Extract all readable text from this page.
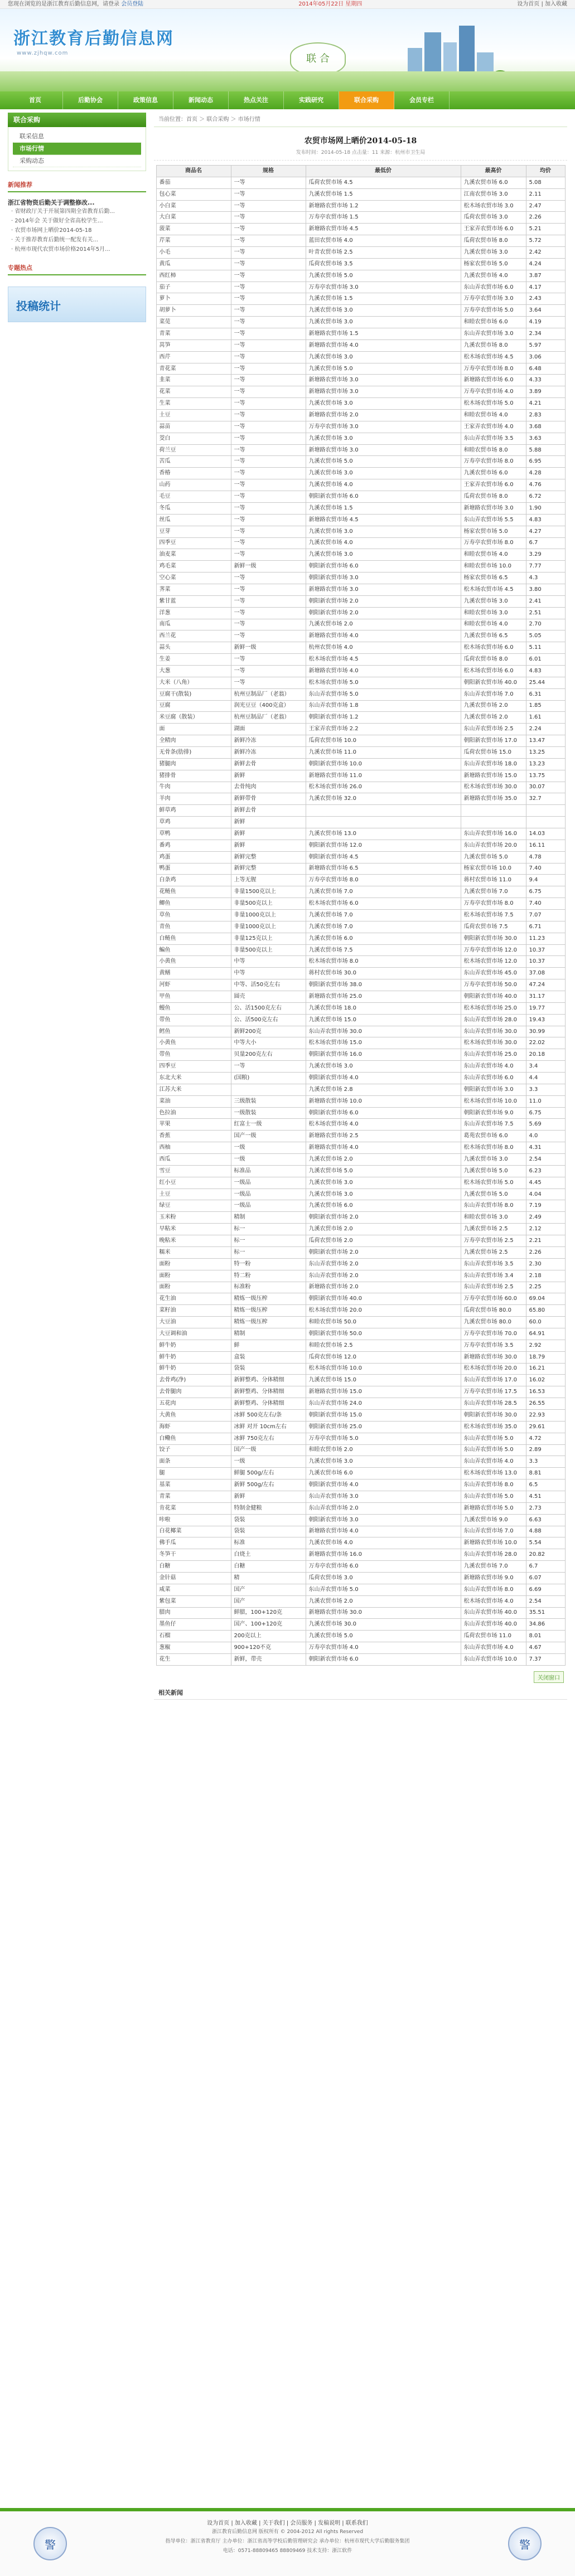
您现在浏览的是浙江教育后勤信息网，请登录 会员登陆	2014年05月22日 星期四	设为首页 | 加入收藏
浙江教育后勤信息网
www.zjhqw.com	联 合
首页	后勤协会	政策信息	新闻动态	热点关注	实践研究	联合采购	会员专栏
联合采购
联采信息
市场行情
采购动态
新闻推荐
浙江省物资后勤关于调整修改...
· 省财政厅关于开展第四期全省教育后勤...
· 2014年会 关于做好全省高校学生...
· 农贸市场网上晒价2014-05-18
· 关于推荐教育后勤统一配发有关...
· 杭州市现代农贸市场价格2014年5月...
专题热点
投稿统计
当前位置：首页 ＞ 联合采购 ＞ 市场行情
农贸市场网上晒价2014-05-18
发布时间：2014-05-18 点击量：11 来源：杭州市卫生局
商品名	规格	最低价	最高价	均价
番茄	一等	瓜荷农贸市场 4.5	九溪农贸市场 6.0	5.08
包心菜	一等	九溪农贸市场 1.5	江南农贸市场 3.0	2.11
小白菜	一等	新塘路农贸市场 1.2	松木场农贸市场 3.0	2.47
大白菜	一等	万寿亭农贸市场 1.5	瓜荷农贸市场 3.0	2.26
菠菜	一等	新塘路农贸市场 4.5	王家弄农贸市场 6.0	5.21
芹菜	一等	蓝田农贸市场 4.0	瓜荷农贸市场 8.0	5.72
小毛	一等	叶青农贸市场 2.5	九溪农贸市场 3.0	2.42
黄瓜	一等	瓜荷农贸市场 3.5	杨家农贸市场 5.0	4.24
西红柿	一等	九溪农贸市场 5.0	九溪农贸市场 4.0	3.87
茄子	一等	万寿亭农贸市场 3.0	东山弄农贸市场 6.0	4.17
萝卜	一等	九溪农贸市场 1.5	万寿亭农贸市场 3.0	2.43
胡萝卜	一等	九溪农贸市场 3.0	万寿亭农贸市场 5.0	3.64
菜苋	一等	九溪农贸市场 3.0	和睦农贸市场 6.0	4.19
青菜	一等	新塘路农贸市场 1.5	东山弄农贸市场 3.0	2.34
莴笋	一等	新塘路农贸市场 4.0	九溪农贸市场 8.0	5.97
西芹	一等	九溪农贸市场 3.0	松木场农贸市场 4.5	3.06
青花菜	一等	九溪农贸市场 5.0	万寿亭农贸市场 8.0	6.48
韭菜	一等	新塘路农贸市场 3.0	新塘路农贸市场 6.0	4.33
花菜	一等	新塘路农贸市场 3.0	万寿亭农贸市场 4.0	3.89
生菜	一等	九溪农贸市场 3.0	松木场农贸市场 5.0	4.21
土豆	一等	新塘路农贸市场 2.0	和睦农贸市场 4.0	2.83
蒜苗	一等	万寿亭农贸市场 3.0	王家弄农贸市场 4.0	3.68
茭白	一等	九溪农贸市场 3.0	东山弄农贸市场 3.5	3.63
荷兰豆	一等	新塘路农贸市场 3.0	和睦农贸市场 8.0	5.88
苦瓜	一等	九溪农贸市场 5.0	万寿亭农贸市场 8.0	6.95
香椿	一等	九溪农贸市场 3.0	九溪农贸市场 6.0	4.28
山药	一等	九溪农贸市场 4.0	王家弄农贸市场 6.0	4.76
毛豆	一等	朝阳新农贸市场 6.0	瓜荷农贸市场 8.0	6.72
冬瓜	一等	九溪农贸市场 1.5	新塘路农贸市场 3.0	1.90
丝瓜	一等	新塘路农贸市场 4.5	东山弄农贸市场 5.5	4.83
豆芽	一等	九溪农贸市场 3.0	杨家农贸市场 5.0	4.27
四季豆	一等	九溪农贸市场 4.0	万寿亭农贸市场 8.0	6.7
油麦菜	一等	九溪农贸市场 3.0	和睦农贸市场 4.0	3.29
鸡毛菜	新鲜一级	朝阳新农贸市场 6.0	和睦农贸市场 10.0	7.77
空心菜	一等	朝阳新农贸市场 3.0	杨家农贸市场 6.5	4.3
荠菜	一等	新塘路农贸市场 3.0	松木场农贸市场 4.5	3.80
紫甘蓝	一等	朝阳新农贸市场 2.0	九溪农贸市场 3.0	2.41
洋葱	一等	朝阳新农贸市场 2.0	和睦农贸市场 3.0	2.51
南瓜	一等	九溪农贸市场 2.0	和睦农贸市场 4.0	2.70
西兰花	一等	新塘路农贸市场 4.0	九溪农贸市场 6.5	5.05
蒜头	新鲜一级	杭州农贸市场 4.0	松木场农贸市场 6.0	5.11
生姜	一等	松木场农贸市场 4.5	瓜荷农贸市场 8.0	6.01
大葱	一等	新塘路农贸市场 4.0	松木场农贸市场 6.0	4.83
大米（八角）	一等	松木场农贸市场 5.0	朝阳新农贸市场 40.0	25.44
豆腐干(散装)	杭州豆制品厂（老翁）	东山弄农贸市场 5.0	东山弄农贸市场 7.0	6.31
豆腐	润光豆豆（400克盒）	东山弄农贸市场 1.8	九溪农贸市场 2.0	1.85
米豆腐（散装）	杭州豆制品厂（老翁）	朝阳新农贸市场 1.2	九溪农贸市场 2.0	1.61
面	湖面	王家弄农贸市场 2.2	东山弄农贸市场 2.5	2.24
全精肉	新鲜冷冻	瓜荷农贸市场 10.0	朝阳新农贸市场 17.0	13.47
无骨条(肋排)	新鲜冷冻	九溪农贸市场 11.0	瓜荷农贸市场 15.0	13.25
猪腿肉	新鲜去骨	朝阳新农贸市场 10.0	东山弄农贸市场 18.0	13.23
猪排骨	新鲜	新塘路农贸市场 11.0	新塘路农贸市场 15.0	13.75
牛肉	去骨纯肉	松木场农贸市场 26.0	松木场农贸市场 30.0	30.07
羊肉	新鲜带骨	九溪农贸市场 32.0	新塘路农贸市场 35.0	32.7
鲜草鸡	新鲜去骨			
草鸡	新鲜			
草鸭	新鲜	九溪农贸市场 13.0	东山弄农贸市场 16.0	14.03
番鸡	新鲜	朝阳新农贸市场 12.0	东山弄农贸市场 20.0	16.11
鸡蛋	新鲜完整	朝阳新农贸市场 4.5	九溪农贸市场 5.0	4.78
鸭蛋	新鲜完整	新塘路农贸市场 6.5	杨家农贸市场 10.0	7.40
白条鸡	上等无腥	万寿亭农贸市场 8.0	蒋村农贸市场 11.0	9.4
花鲢鱼	非量1500克以上	九溪农贸市场 7.0	九溪农贸市场 7.0	6.75
鲫鱼	非量500克以上	松木场农贸市场 6.0	万寿亭农贸市场 8.0	7.40
草鱼	非量1000克以上	九溪农贸市场 7.0	松木场农贸市场 7.5	7.07
青鱼	非量1000克以上	九溪农贸市场 7.0	瓜荷农贸市场 7.5	6.71
白鲢鱼	非量125克以上	九溪农贸市场 6.0	朝阳新农贸市场 30.0	11.23
鳊鱼	非量500克以上	九溪农贸市场 7.5	万寿亭农贸市场 12.0	10.37
小黄鱼	中等	松木场农贸市场 8.0	松木场农贸市场 12.0	10.37
黄鳝	中等	蒋村农贸市场 30.0	东山弄农贸市场 45.0	37.08
河虾	中等、活50克左右	朝阳新农贸市场 38.0	万寿亭农贸市场 50.0	47.24
甲鱼	圆壳	新塘路农贸市场 25.0	朝阳新农贸市场 40.0	31.17
鳗鱼	公、活1500克左右	九溪农贸市场 18.0	松木场农贸市场 25.0	19.77
带鱼	公、活500克左右	九溪农贸市场 15.0	东山弄农贸市场 28.0	19.43
鳕鱼	新鲜200克	东山弄农贸市场 30.0	东山弄农贸市场 30.0	30.99
小黄鱼	中等大小	松木场农贸市场 15.0	松木场农贸市场 30.0	22.02
带鱼	贝量200克左右	朝阳新农贸市场 16.0	东山弄农贸市场 25.0	20.18
四季豆	一等	九溪农贸市场 3.0	东山弄农贸市场 4.0	3.4
东北大米	(国粮)	朝阳新农贸市场 4.0	东山弄农贸市场 6.0	4.4
江苏大米		九溪农贸市场 2.8	朝阳新农贸市场 3.0	3.3
菜油	三级散装	新塘路农贸市场 10.0	松木场农贸市场 10.0	11.0
色拉油	一级散装	朝阳新农贸市场 6.0	朝阳新农贸市场 9.0	6.75
苹果	红富士一级	松木场农贸市场 4.0	东山弄农贸市场 7.5	5.69
香蕉	国产一级	新塘路农贸市场 2.5	葛苑农贸市场 6.0	4.0
西柚	一级	新塘路农贸市场 4.0	松木场农贸市场 8.0	4.31
西瓜	一级	九溪农贸市场 2.0	九溪农贸市场 3.0	2.54
雪豆	标准品	九溪农贸市场 5.0	九溪农贸市场 5.0	6.23
红小豆	一级品	九溪农贸市场 3.0	松木场农贸市场 5.0	4.45
土豆	一级品	九溪农贸市场 3.0	九溪农贸市场 5.0	4.04
绿豆	一级品	九溪农贸市场 6.0	东山弄农贸市场 8.0	7.19
玉米粉	精制	朝阳新农贸市场 2.0	和睦农贸市场 3.0	2.49
早粘米	标一	九溪农贸市场 2.0	九溪农贸市场 2.5	2.12
晚粘米	标一	瓜荷农贸市场 2.0	万寿亭农贸市场 2.5	2.21
糯米	标一	朝阳新农贸市场 2.0	九溪农贸市场 2.5	2.26
面粉	特一粉	东山弄农贸市场 2.0	东山弄农贸市场 3.5	2.30
面粉	特二粉	东山弄农贸市场 2.0	东山弄农贸市场 3.4	2.18
面粉	标准粉	新塘路农贸市场 2.0	东山弄农贸市场 2.5	2.25
花生油	精炼一级压榨	朝阳新农贸市场 40.0	万寿亭农贸市场 60.0	69.04
菜籽油	精炼一级压榨	松木场农贸市场 20.0	瓜荷农贸市场 80.0	65.80
大豆油	精炼一级压榨	和睦农贸市场 50.0	九溪农贸市场 80.0	60.0
大豆调和油	精制	朝阳新农贸市场 50.0	万寿亭农贸市场 70.0	64.91
鲜牛奶	鲜	和睦农贸市场 2.5	万寿亭农贸市场 3.5	2.92
鲜牛奶	盒装	瓜荷农贸市场 12.0	新塘路农贸市场 30.0	18.79
鲜牛奶	袋装	松木场农贸市场 10.0	松木场农贸市场 20.0	16.21
去骨鸡(净)	新鲜整鸡、分体精细	九溪农贸市场 15.0	东山弄农贸市场 17.0	16.02
去骨腿肉	新鲜整鸡、分体精细	新塘路农贸市场 15.0	万寿亭农贸市场 17.5	16.53
五花肉	新鲜整鸡、分体精细	东山弄农贸市场 24.0	东山弄农贸市场 28.5	26.55
大黄鱼	冰鲜 500克左右/条	朝阳新农贸市场 15.0	朝阳新农贸市场 30.0	22.93
海虾	冰鲜 对开 10cm左右	朝阳新农贸市场 25.0	松木场农贸市场 35.0	29.61
白鳓鱼	冰鲜 750克左右	万寿亭农贸市场 5.0	东山弄农贸市场 5.0	4.72
饺子	国产一级	和睦农贸市场 2.0	东山弄农贸市场 5.0	2.89
面条	一级	九溪农贸市场 3.0	东山弄农贸市场 4.0	3.3
腿	鲜腿 500g/左右	九溪农贸市场 6.0	松木场农贸市场 13.0	8.81
基菜	新鲜 500g/左右	朝阳新农贸市场 4.0	东山弄农贸市场 8.0	6.5
青菜	新鲜	东山弄农贸市场 3.0	东山弄农贸市场 5.0	4.51
肯花菜	特制金健粮	东山弄农贸市场 2.0	新塘路农贸市场 5.0	2.73
咔啦	袋装	朝阳新农贸市场 3.0	九溪农贸市场 9.0	6.63
白花椰菜	袋装	新塘路农贸市场 4.0	东山弄农贸市场 7.0	4.88
佛手瓜	标准	九溪农贸市场 4.0	新塘路农贸市场 10.0	5.54
冬笋干	白烧土	新塘路农贸市场 16.0	东山弄农贸市场 28.0	20.82
白糖	白糖	万寿亭农贸市场 6.0	九溪农贸市场 7.0	6.7
金针菇	精	瓜荷农贸市场 3.0	新塘路农贸市场 9.0	6.07
咸菜	国产	东山弄农贸市场 5.0	东山弄农贸市场 8.0	6.69
紫包菜	国产	九溪农贸市场 2.0	松木场农贸市场 4.0	2.54
腊肉	鲜腊，100+120克	新塘路农贸市场 30.0	东山弄农贸市场 40.0	35.51
墨鱼仔	国产、100+120克	九溪农贸市场 30.0	东山弄农贸市场 40.0	34.86
石榴	200克以上	九溪农贸市场 5.0	瓜荷农贸市场 11.0	8.01
葱椒	900+120不克	万寿亭农贸市场 4.0	东山弄农贸市场 4.0	4.67
花生	新鲜，带壳	朝阳新农贸市场 6.0	东山弄农贸市场 10.0	7.37
关闭窗口
相关新闻
警	警
设为首页 | 加入收藏 | 关于我们 | 会员服务 | 发稿说明 | 联系我们
浙江教育后勤信息网 版权所有 © 2004-2012 All rights Reserved
指导单位：浙江省教育厅 主办单位：浙江省高等学校后勤管理研究会 承办单位：杭州市现代大学后勤服务集团
电话：0571-88809465 88809469 技术支持：浙江软件
